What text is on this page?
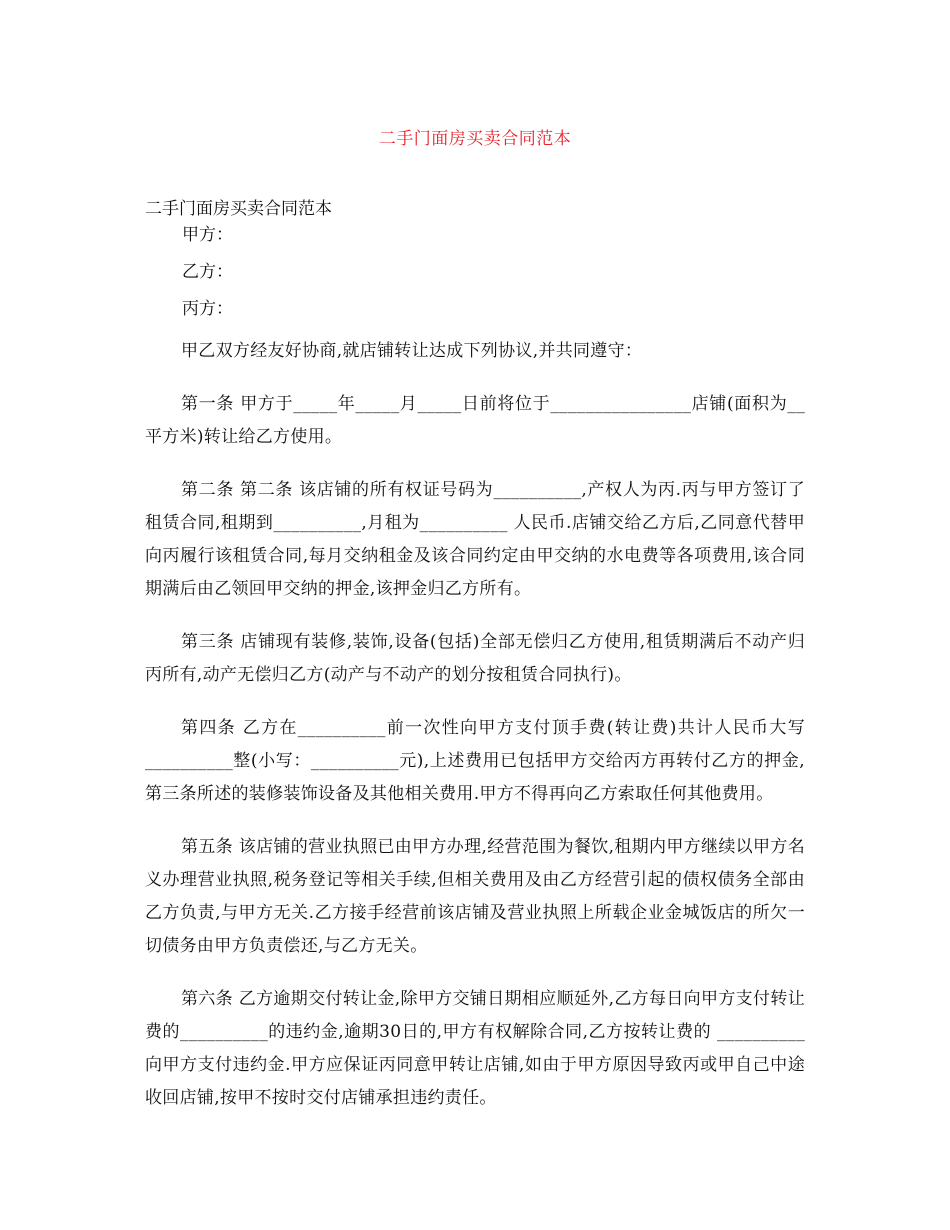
二手门面房买卖合同范本

二手门面房买卖合同范本

甲方：

乙方：

丙方：

甲乙双方经友好协商,就店铺转让达成下列协议,并共同遵守：

第一条 甲方于_____年_____月_____日前将位于________________店铺(面积为__平方米)转让给乙方使用。

第二条 第二条 该店铺的所有权证号码为__________,产权人为丙.丙与甲方签订了租赁合同,租期到__________,月租为__________ 人民币.店铺交给乙方后,乙同意代替甲向丙履行该租赁合同,每月交纳租金及该合同约定由甲交纳的水电费等各项费用,该合同期满后由乙领回甲交纳的押金,该押金归乙方所有。

第三条 店铺现有装修,装饰,设备(包括)全部无偿归乙方使用,租赁期满后不动产归丙所有,动产无偿归乙方(动产与不动产的划分按租赁合同执行)。

第四条 乙方在__________前一次性向甲方支付顶手费(转让费)共计人民币大写__________整(小写：__________元),上述费用已包括甲方交给丙方再转付乙方的押金,第三条所述的装修装饰设备及其他相关费用.甲方不得再向乙方索取任何其他费用。

第五条 该店铺的营业执照已由甲方办理,经营范围为餐饮,租期内甲方继续以甲方名义办理营业执照,税务登记等相关手续,但相关费用及由乙方经营引起的债权债务全部由乙方负责,与甲方无关.乙方接手经营前该店铺及营业执照上所载企业金城饭店的所欠一切债务由甲方负责偿还,与乙方无关。

第六条 乙方逾期交付转让金,除甲方交铺日期相应顺延外,乙方每日向甲方支付转让费的__________的违约金,逾期30日的,甲方有权解除合同,乙方按转让费的 __________向甲方支付违约金.甲方应保证丙同意甲转让店铺,如由于甲方原因导致丙或甲自己中途收回店铺,按甲不按时交付店铺承担违约责任。
